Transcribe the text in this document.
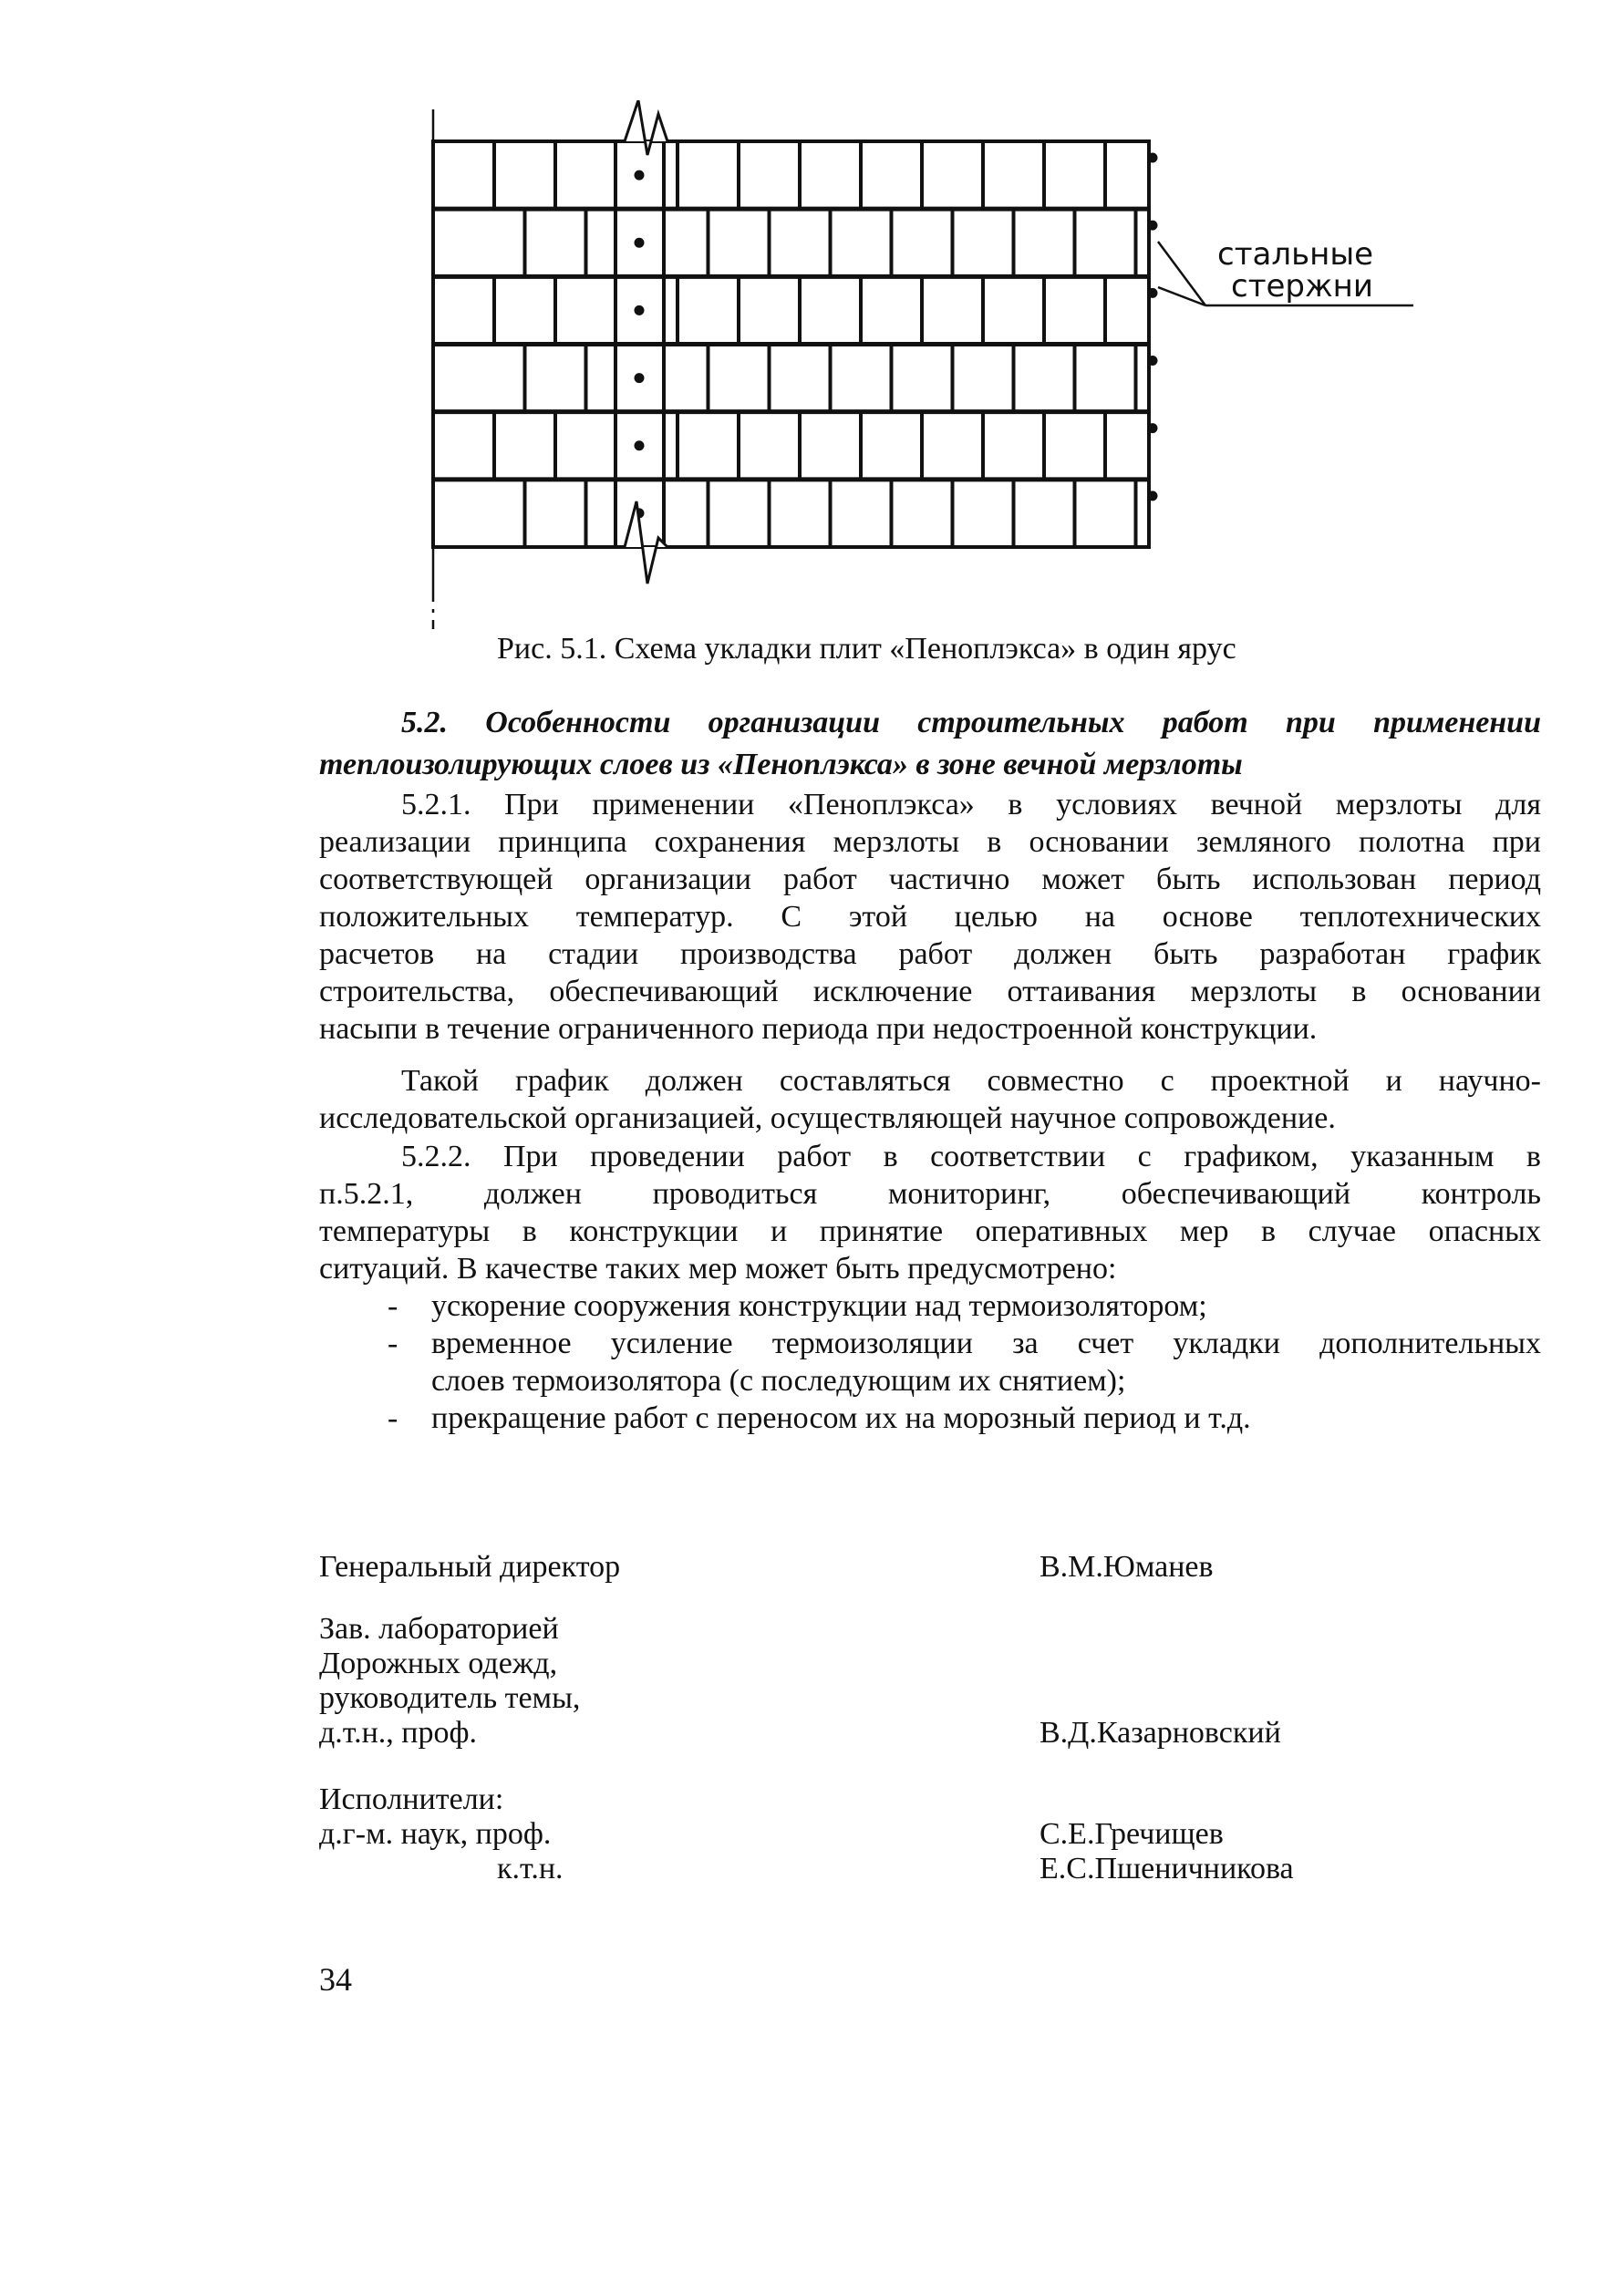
стальные
стержни
Рис. 5.1. Схема укладки плит «Пеноплэкса» в один ярус
5.2. Особенности организации строительных работ при применении
теплоизолирующих слоев из «Пеноплэкса» в зоне вечной мерзлоты
5.2.1. При применении «Пеноплэкса» в условиях вечной мерзлоты для
реализации принципа сохранения мерзлоты в основании земляного полотна при
соответствующей организации работ частично может быть использован период
положительных температур. С этой целью на основе теплотехнических
расчетов на стадии производства работ должен быть разработан график
строительства, обеспечивающий исключение оттаивания мерзлоты в основании
насыпи в течение ограниченного периода при недостроенной конструкции.
Такой график должен составляться совместно с проектной и научно-
исследовательской организацией, осуществляющей научное сопровождение.
5.2.2. При проведении работ в соответствии с графиком, указанным в
п.5.2.1, должен проводиться мониторинг, обеспечивающий контроль
температуры в конструкции и принятие оперативных мер в случае опасных
ситуаций. В качестве таких мер может быть предусмотрено:
- ускорение сооружения конструкции над термоизолятором;
- временное усиление термоизоляции за счет укладки дополнительных
слоев термоизолятора (с последующим их снятием);
- прекращение работ с переносом их на морозный период и т.д.
Генеральный директор	В.М.Юманев
Зав. лабораторией
Дорожных одежд,
руководитель темы,
д.т.н., проф.	В.Д.Казарновский
Исполнители:
д.г-м. наук, проф.	С.Е.Гречищев
к.т.н.	Е.С.Пшеничникова
34
